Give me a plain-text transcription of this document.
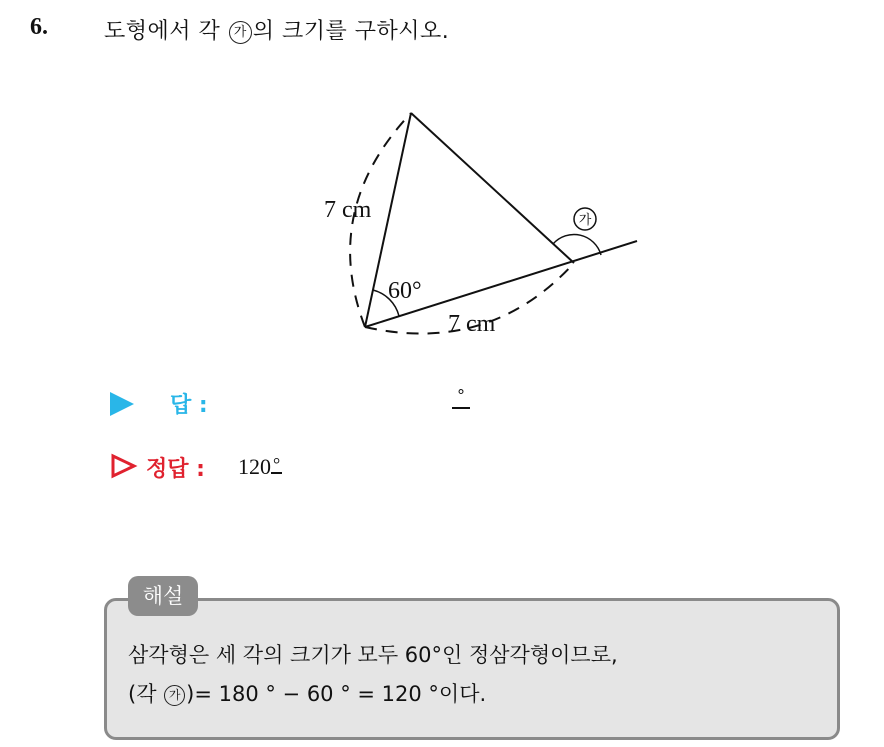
6.	도형에서 각 가 의 크기를 구하시오.
7 cm
60°
7 cm
가
답 :	°
정답 : 120 °
해설
삼각형은 세 각의 크기가 모두 60°인 정삼각형이므로,
(각 가 )= 180 ° − 60 ° = 120 °이다.
